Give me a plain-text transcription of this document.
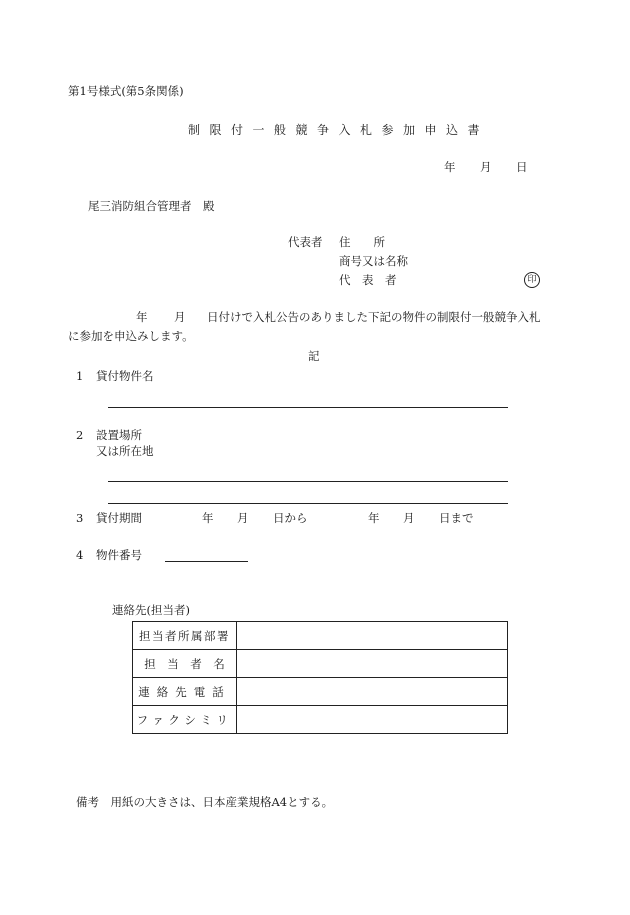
第1号様式(第5条関係)
制限付一般競争入札参加申込書
年 月 日
尾三消防組合管理者　殿
代表者 住　　所
商号又は名称
代　表　者	印
年 月 日付けで入札公告のありました下記の物件の制限付一般競争入札
に参加を申込みします。
記
1 貸付物件名
2 設置場所
又は所在地
3 貸付期間	年 月 日から	年 月 日まで
4 物件番号
連絡先(担当者)
担当者所属部署	
担　当　者　名	
連絡先電話	
ファクシミリ	
備考　用紙の大きさは、日本産業規格A4とする。
